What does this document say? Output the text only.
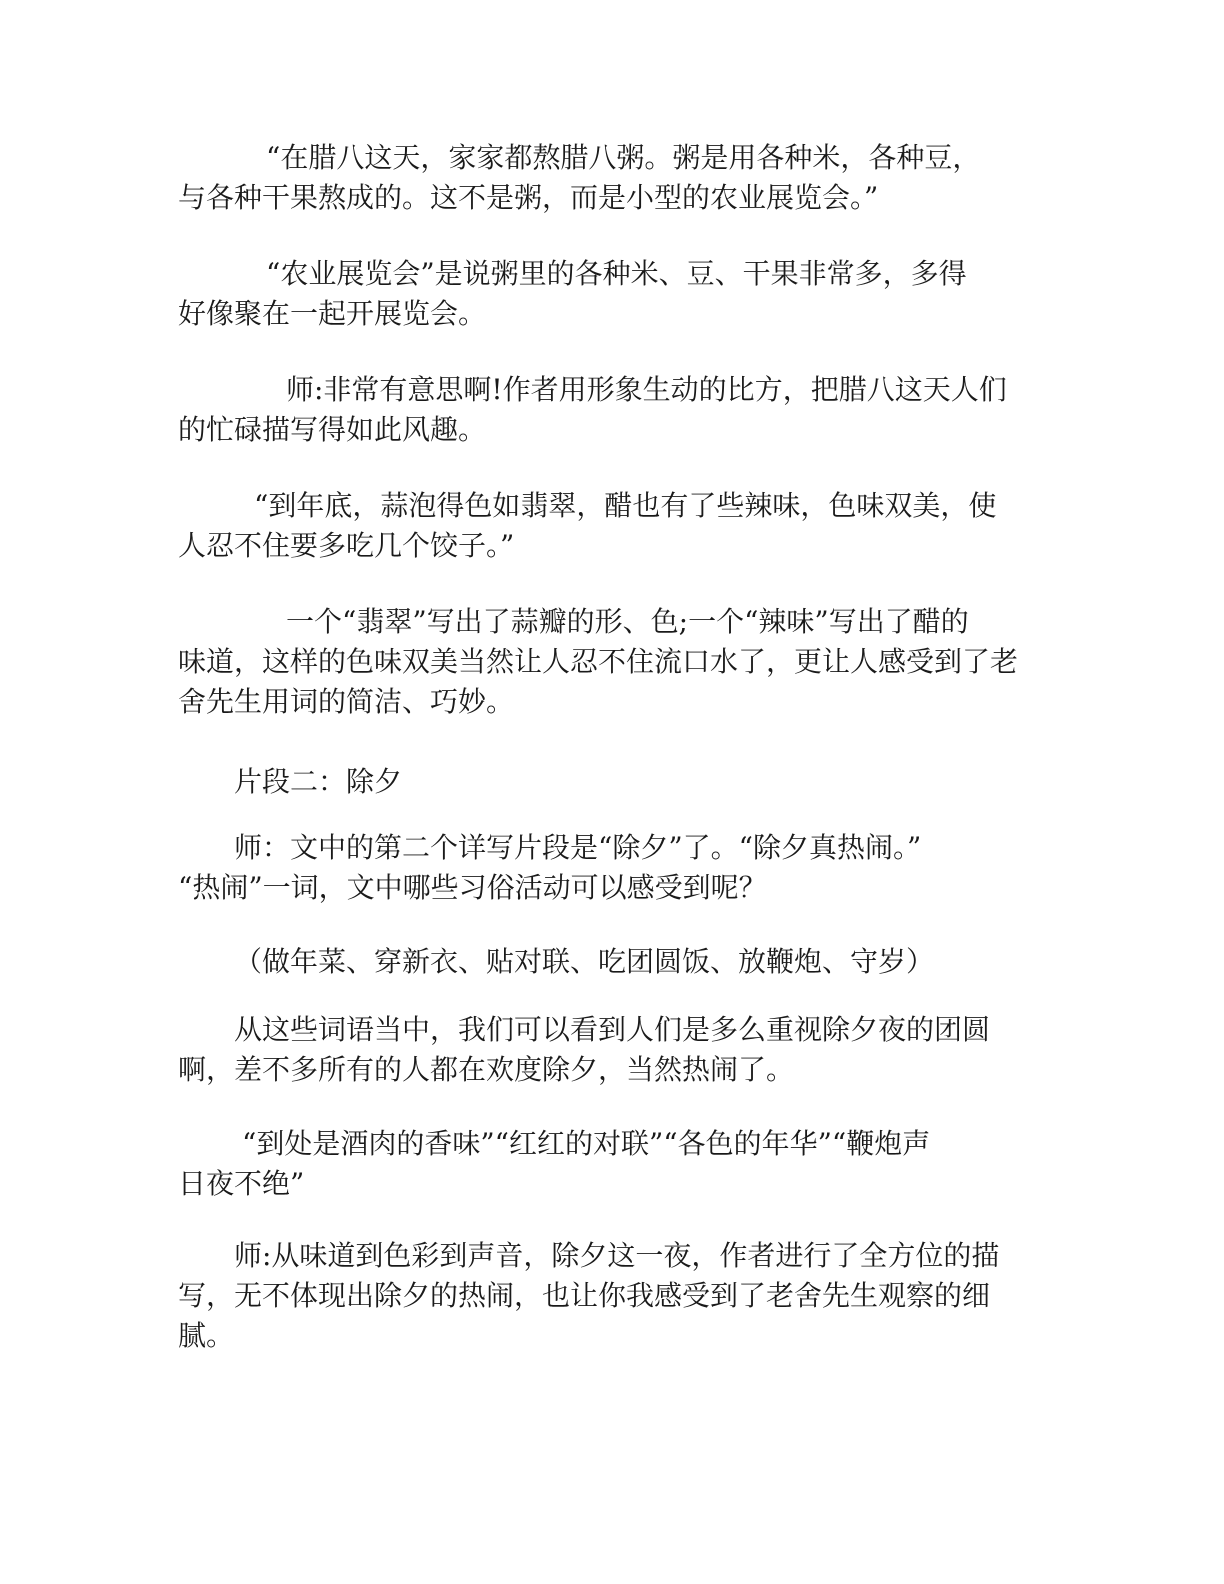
“在腊八这天，家家都熬腊八粥。粥是用各种米，各种豆，
与各种干果熬成的。这不是粥，而是小型的农业展览会。”

“农业展览会”是说粥里的各种米、豆、干果非常多，多得
好像聚在一起开展览会。

师:非常有意思啊!作者用形象生动的比方，把腊八这天人们
的忙碌描写得如此风趣。

“到年底，蒜泡得色如翡翠，醋也有了些辣味，色味双美，使
人忍不住要多吃几个饺子。”

一个“翡翠”写出了蒜瓣的形、色;一个“辣味”写出了醋的
味道，这样的色味双美当然让人忍不住流口水了，更让人感受到了老
舍先生用词的简洁、巧妙。

片段二：除夕

师：文中的第二个详写片段是“除夕”了。“除夕真热闹。”
“热闹”一词，文中哪些习俗活动可以感受到呢？

（做年菜、穿新衣、贴对联、吃团圆饭、放鞭炮、守岁）

从这些词语当中，我们可以看到人们是多么重视除夕夜的团圆
啊，差不多所有的人都在欢度除夕，当然热闹了。

“到处是酒肉的香味”“红红的对联”“各色的年华”“鞭炮声
日夜不绝”

师:从味道到色彩到声音，除夕这一夜，作者进行了全方位的描
写，无不体现出除夕的热闹，也让你我感受到了老舍先生观察的细
腻。
